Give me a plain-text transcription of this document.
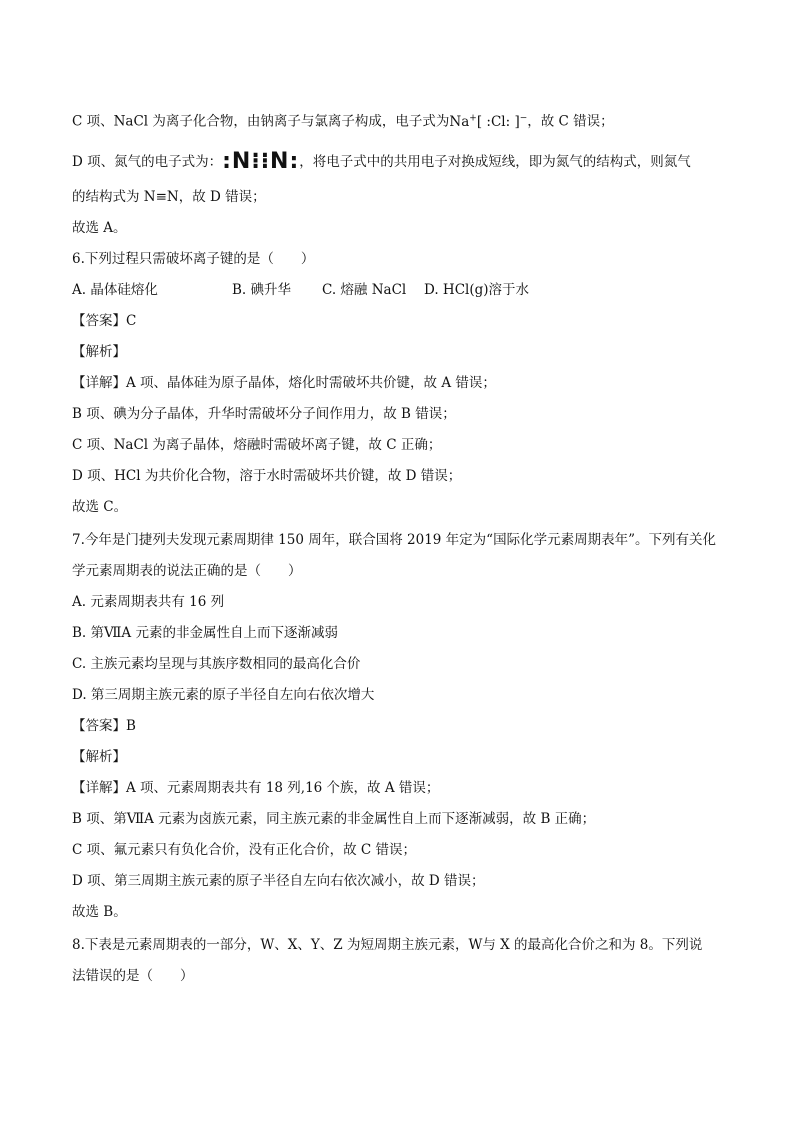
C 项、NaCl 为离子化合物，由钠离子与氯离子构成，电子式为Na+[ :Cl: ]−，故 C 错误；
D 项、氮气的电子式为：:N⁝⁝N:，将电子式中的共用电子对换成短线，即为氮气的结构式，则氮气
的结构式为 N≡N，故 D 错误；
故选 A。
6.下列过程只需破坏离子键的是（　　）
A. 晶体硅熔化	B. 碘升华 C. 熔融 NaCl D. HCl(g)溶于水
【答案】C
【解析】
【详解】A 项、晶体硅为原子晶体，熔化时需破坏共价键，故 A 错误；
B 项、碘为分子晶体，升华时需破坏分子间作用力，故 B 错误；
C 项、NaCl 为离子晶体，熔融时需破坏离子键，故 C 正确；
D 项、HCl 为共价化合物，溶于水时需破坏共价键，故 D 错误；
故选 C。
7.今年是门捷列夫发现元素周期律 150 周年，联合国将 2019 年定为“国际化学元素周期表年”。下列有关化
学元素周期表的说法正确的是（　　）
A. 元素周期表共有 16 列
B. 第ⅦA 元素的非金属性自上而下逐渐减弱
C. 主族元素均呈现与其族序数相同的最高化合价
D. 第三周期主族元素的原子半径自左向右依次增大
【答案】B
【解析】
【详解】A 项、元素周期表共有 18 列,16 个族，故 A 错误；
B 项、第ⅦA 元素为卤族元素，同主族元素的非金属性自上而下逐渐减弱，故 B 正确；
C 项、氟元素只有负化合价，没有正化合价，故 C 错误；
D 项、第三周期主族元素的原子半径自左向右依次减小，故 D 错误；
故选 B。
8.下表是元素周期表的一部分，W、X、Y、Z 为短周期主族元素，W与 X 的最高化合价之和为 8。下列说
法错误的是（　　）
